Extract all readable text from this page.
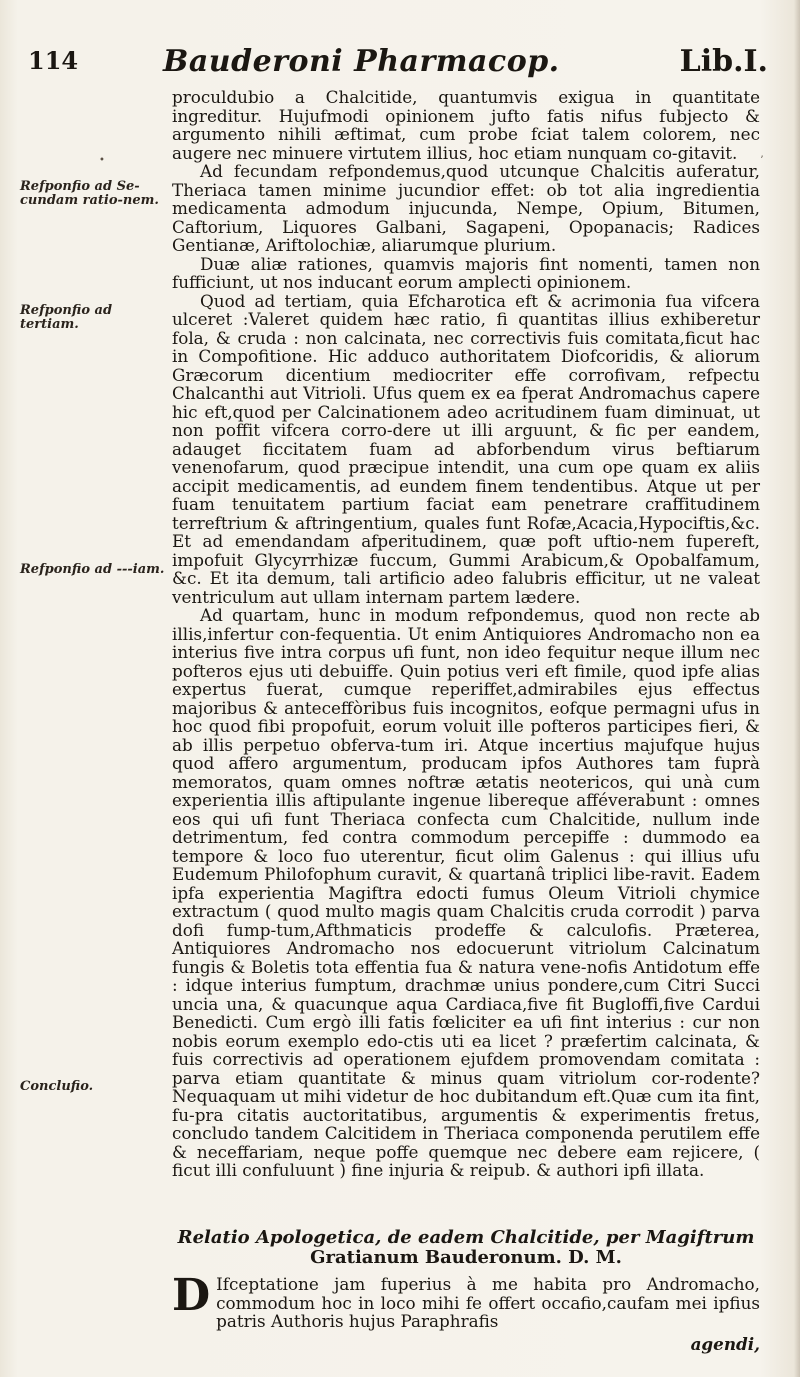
114	Bauderoni Pharmacop.	Lib.I.
Refponfio ad Se-cundam ratio-nem.
Refponfio ad tertiam.
Refponfio ad ---iam.
Conclufio.
•	ʼ

proculdubio a Chalcitide, quantumvis exigua in quantitate ingreditur. Hujufmodi opinionem jufto fatis nifus fubjecto & argumento nihili æftimat, cum probe fciat talem colorem, nec augere nec minuere virtutem illius, hoc etiam nunquam co-gitavit.

Ad fecundam refpondemus,quod utcunque Chalcitis auferatur, Theriaca tamen minime jucundior effet: ob tot alia ingredientia medicamenta admodum injucunda, Nempe, Opium, Bitumen, Caftorium, Liquores Galbani, Sagapeni, Opopanacis; Radices Gentianæ, Ariftolochiæ, aliarumque plurium.

Duæ aliæ rationes, quamvis majoris fint nomenti, tamen non fufficiunt, ut nos inducant eorum amplecti opinionem.

Quod ad tertiam, quia Efcharotica eft & acrimonia fua vifcera ulceret :Valeret quidem hæc ratio, fi quantitas illius exhiberetur fola, & cruda : non calcinata, nec correctivis fuis comitata,ficut hac in Compofitione. Hic adduco authoritatem Diofcoridis, & aliorum Græcorum dicentium mediocriter effe corrofivam, refpectu Chalcanthi aut Vitrioli. Ufus quem ex ea fperat Andromachus capere hic eft,quod per Calcinationem adeo acritudinem fuam diminuat, ut non poffit vifcera corro-dere ut illi arguunt, & fic per eandem, adauget ficcitatem fuam ad abforbendum virus beftiarum venenofarum, quod præcipue intendit, una cum ope quam ex aliis accipit medicamentis, ad eundem finem tendentibus. Atque ut per fuam tenuitatem partium faciat eam penetrare craffitudinem terreftrium & aftringentium, quales funt Rofæ,Acacia,Hypociftis,&c. Et ad emendandam afperitudinem, quæ poft uftio-nem fupereft, impofuit Glycyrrhizæ fuccum, Gummi Arabicum,& Opobalfamum, &c. Et ita demum, tali artificio adeo falubris efficitur, ut ne valeat ventriculum aut ullam internam partem lædere.

Ad quartam, hunc in modum refpondemus, quod non recte ab illis,infertur con-fequentia. Ut enim Antiquiores Andromacho non ea interius five intra corpus ufi funt, non ideo fequitur neque illum nec pofteros ejus uti debuiffe. Quin potius veri eft fimile, quod ipfe alias expertus fuerat, cumque reperiffet,admirabiles ejus effectus majoribus & anteceffòribus fuis incognitos, eofque permagni ufus in hoc quod fibi propofuit, eorum voluit ille pofteros participes fieri, & ab illis perpetuo obferva-tum iri. Atque incertius majufque hujus quod affero argumentum, producam ipfos Authores tam fuprà memoratos, quam omnes noftræ ætatis neotericos, qui unà cum experientia illis aftipulante ingenue libereque afféverabunt : omnes eos qui ufi funt Theriaca confecta cum Chalcitide, nullum inde detrimentum, fed contra commodum percepiffe : dummodo ea tempore & loco fuo uterentur, ficut olim Galenus : qui illius ufu Eudemum Philofophum curavit, & quartanâ triplici libe-ravit. Eadem ipfa experientia Magiftra edocti fumus Oleum Vitrioli chymice extractum ( quod multo magis quam Chalcitis cruda corrodit ) parva dofi fump-tum,Afthmaticis prodeffe & calculofis. Præterea, Antiquiores Andromacho nos edocuerunt vitriolum Calcinatum fungis & Boletis tota effentia fua & natura vene-nofis Antidotum effe : idque interius fumptum, drachmæ unius pondere,cum Citri Succi uncia una, & quacunque aqua Cardiaca,five fit Bugloffi,five Cardui Benedicti. Cum ergò illi fatis fœliciter ea ufi fint interius : cur non nobis eorum exemplo edo-ctis uti ea licet ? præfertim calcinata, & fuis correctivis ad operationem ejufdem promovendam comitata : parva etiam quantitate & minus quam vitriolum cor-rodente? Nequaquam ut mihi videtur de hoc dubitandum eft.Quæ cum ita fint, fu-pra citatis auctoritatibus, argumentis & experimentis fretus, concludo tandem Calcitidem in Theriaca componenda perutilem effe & neceffariam, neque poffe quemque nec debere eam rejicere, ( ficut illi confuluunt ) fine injuria & reipub. & authori ipfi illata.

Relatio Apologetica, de eadem Chalcitide, per Magiftrum
Gratianum Bauderonum. D. M.
D Ifceptatione jam fuperius à me habita pro Andromacho, commodum hoc in loco mihi fe offert occafio,caufam mei ipfius patris Authoris hujus Paraphrafis
agendi,
